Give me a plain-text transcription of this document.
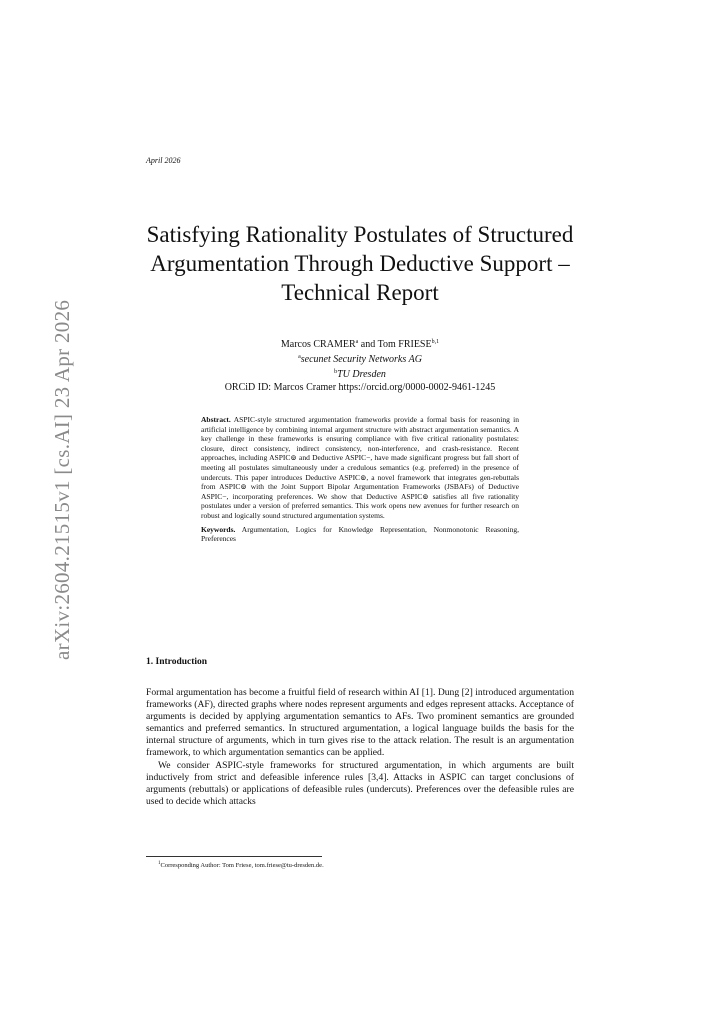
arXiv:2604.21515v1 [cs.AI] 23 Apr 2026
April 2026
Satisfying Rationality Postulates of Structured Argumentation Through Deductive Support – Technical Report
Marcos CRAMER$^a$ and Tom FRIESE$^{b,1}$
$^a$secunet Security Networks AG
$^b$TU Dresden
ORCiD ID: Marcos Cramer https://orcid.org/0000-0002-9461-1245
Abstract. ASPIC-style structured argumentation frameworks provide a formal basis for reasoning in artificial intelligence by combining internal argument structure with abstract argumentation semantics. A key challenge in these frameworks is ensuring compliance with five critical rationality postulates: closure, direct consistency, indirect consistency, non-interference, and crash-resistance. Recent approaches, including ASPIC⊚ and Deductive ASPIC−, have made significant progress but fall short of meeting all postulates simultaneously under a credulous semantics (e.g. preferred) in the presence of undercuts. This paper introduces Deductive ASPIC⊚, a novel framework that integrates gen-rebuttals from ASPIC⊚ with the Joint Support Bipolar Argumentation Frameworks (JSBAFs) of Deductive ASPIC−, incorporating preferences. We show that Deductive ASPIC⊚ satisfies all five rationality postulates under a version of preferred semantics. This work opens new avenues for further research on robust and logically sound structured argumentation systems.
Keywords. Argumentation, Logics for Knowledge Representation, Nonmonotonic Reasoning, Preferences
1. Introduction

Formal argumentation has become a fruitful field of research within AI [1]. Dung [2] introduced argumentation frameworks (AF), directed graphs where nodes represent arguments and edges represent attacks. Acceptance of arguments is decided by applying argumentation semantics to AFs. Two prominent semantics are grounded semantics and preferred semantics. In structured argumentation, a logical language builds the basis for the internal structure of arguments, which in turn gives rise to the attack relation. The result is an argumentation framework, to which argumentation semantics can be applied.

We consider ASPIC-style frameworks for structured argumentation, in which arguments are built inductively from strict and defeasible inference rules [3,4]. Attacks in ASPIC can target conclusions of arguments (rebuttals) or applications of defeasible rules (undercuts). Preferences over the defeasible rules are used to decide which attacks

$^1$Corresponding Author: Tom Friese, tom.friese@tu-dresden.de.
